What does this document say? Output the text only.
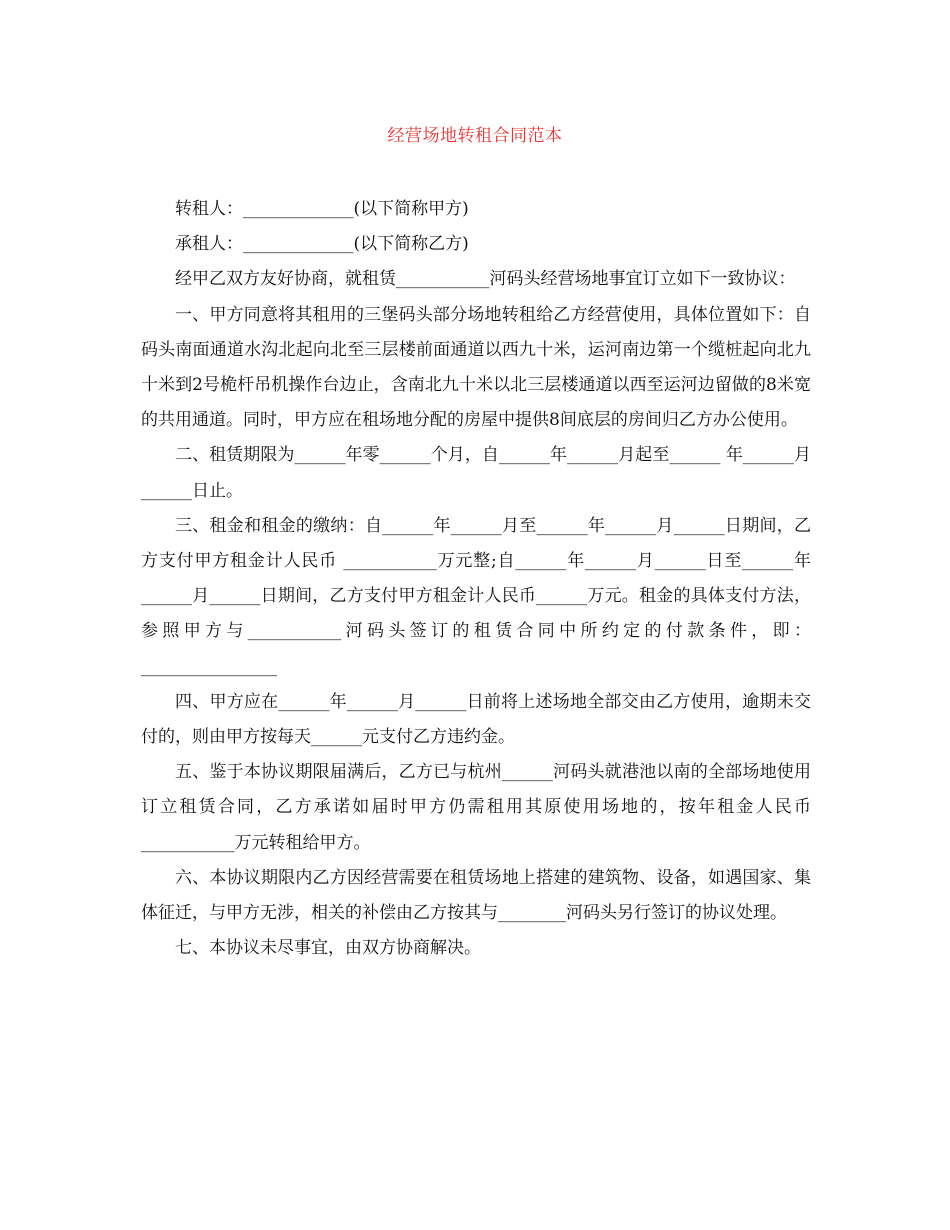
经营场地转租合同范本

转租人：_____________(以下简称甲方)

承租人：_____________(以下简称乙方)

经甲乙双方友好协商，就租赁___________河码头经营场地事宜订立如下一致协议：

一、甲方同意将其租用的三堡码头部分场地转租给乙方经营使用，具体位置如下：自码头南面通道水沟北起向北至三层楼前面通道以西九十米，运河南边第一个缆桩起向北九十米到2号桅杆吊机操作台边止，含南北九十米以北三层楼通道以西至运河边留做的8米宽的共用通道。同时，甲方应在租场地分配的房屋中提供8间底层的房间归乙方办公使用。

二、租赁期限为______年零______个月，自______年______月起至______ 年______月______日止。

三、租金和租金的缴纳：自______年______月至______年______月______日期间，乙方支付甲方租金计人民币 ___________万元整;自______年______月______日至______年______月______日期间，乙方支付甲方租金计人民币______万元。租金的具体支付方法，参照甲方与___________河码头签订的租赁合同中所约定的付款条件，即： ________________

四、甲方应在______年______月______日前将上述场地全部交由乙方使用，逾期未交付的，则由甲方按每天______元支付乙方违约金。

五、鉴于本协议期限届满后，乙方已与杭州______河码头就港池以南的全部场地使用订立租赁合同，乙方承诺如届时甲方仍需租用其原使用场地的，按年租金人民币___________万元转租给甲方。

六、本协议期限内乙方因经营需要在租赁场地上搭建的建筑物、设备，如遇国家、集体征迁，与甲方无涉，相关的补偿由乙方按其与________河码头另行签订的协议处理。

七、本协议未尽事宜，由双方协商解决。
